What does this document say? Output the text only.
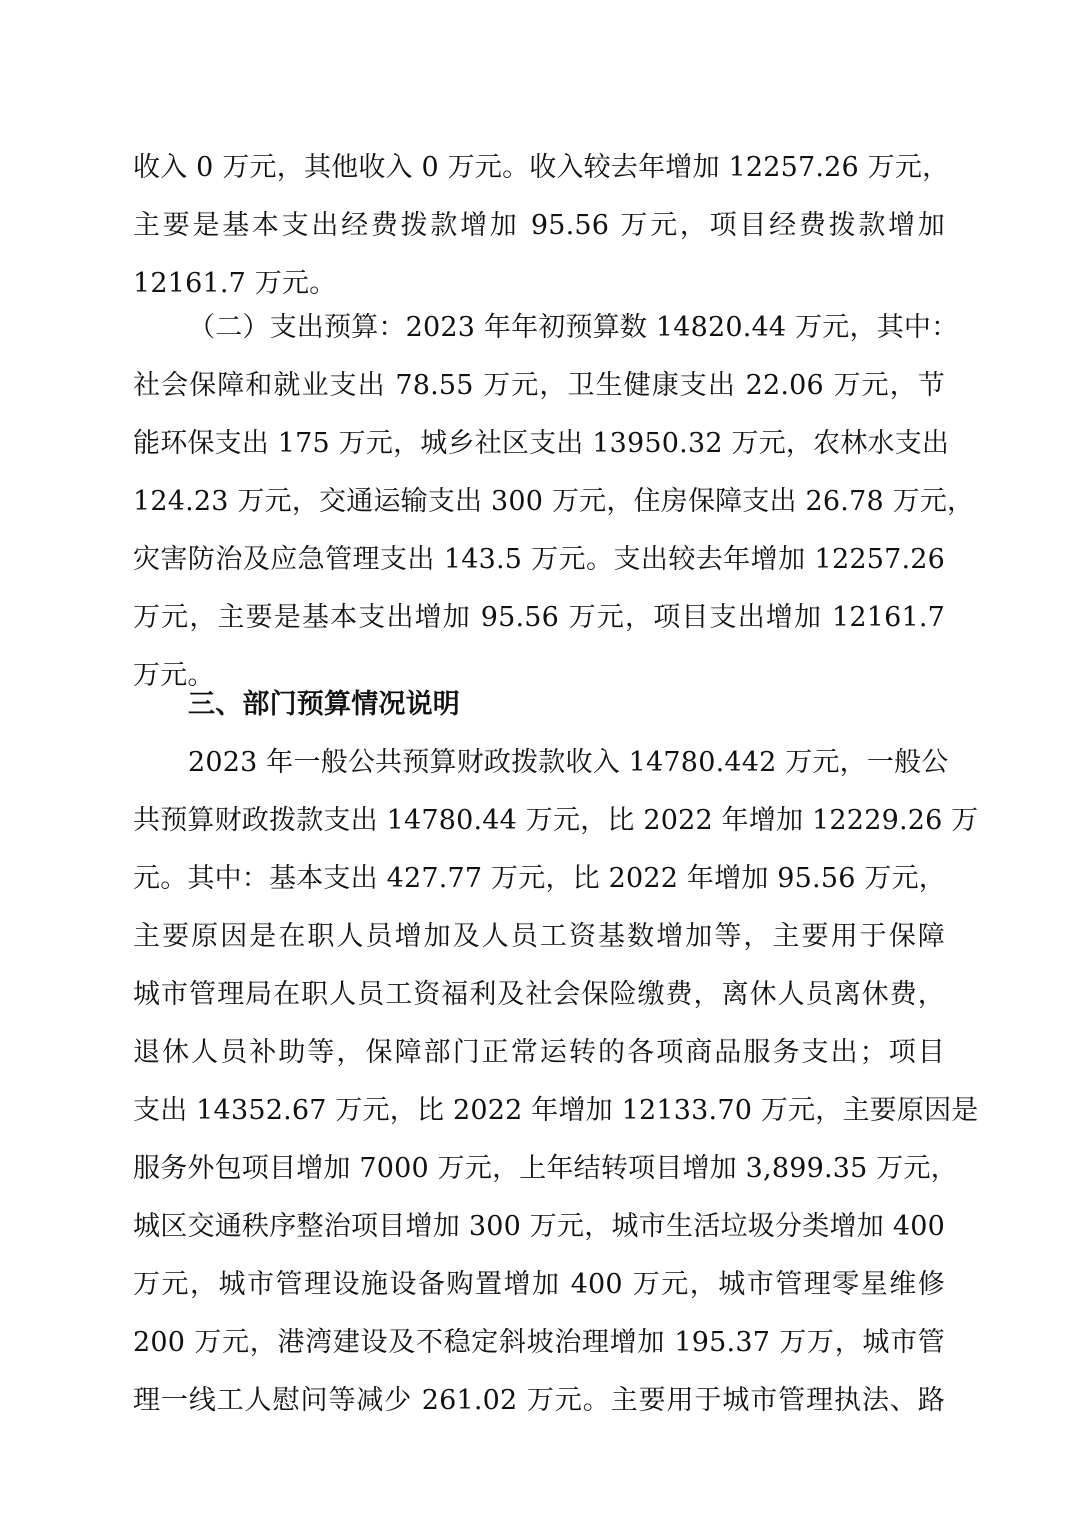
收入 0 万元，其他收入 0 万元。收入较去年增加 12257.26 万元，
主要是基本支出经费拨款增加 95.56 万元，项目经费拨款增加
12161.7 万元。
（二）支出预算：2023 年年初预算数 14820.44 万元，其中：
社会保障和就业支出 78.55 万元，卫生健康支出 22.06 万元，节
能环保支出 175 万元，城乡社区支出 13950.32 万元，农林水支出
124.23 万元，交通运输支出 300 万元，住房保障支出 26.78 万元，
灾害防治及应急管理支出 143.5 万元。支出较去年增加 12257.26
万元，主要是基本支出增加 95.56 万元，项目支出增加 12161.7
万元。
三、部门预算情况说明
2023 年一般公共预算财政拨款收入 14780.442 万元，一般公
共预算财政拨款支出 14780.44 万元，比 2022 年增加 12229.26 万
元。其中：基本支出 427.77 万元，比 2022 年增加 95.56 万元，
主要原因是在职人员增加及人员工资基数增加等，主要用于保障
城市管理局在职人员工资福利及社会保险缴费，离休人员离休费，
退休人员补助等，保障部门正常运转的各项商品服务支出；项目
支出 14352.67 万元，比 2022 年增加 12133.70 万元，主要原因是
服务外包项目增加 7000 万元，上年结转项目增加 3,899.35 万元，
城区交通秩序整治项目增加 300 万元，城市生活垃圾分类增加 400
万元，城市管理设施设备购置增加 400 万元，城市管理零星维修
200 万元，港湾建设及不稳定斜坡治理增加 195.37 万万，城市管
理一线工人慰问等减少 261.02 万元。主要用于城市管理执法、路
